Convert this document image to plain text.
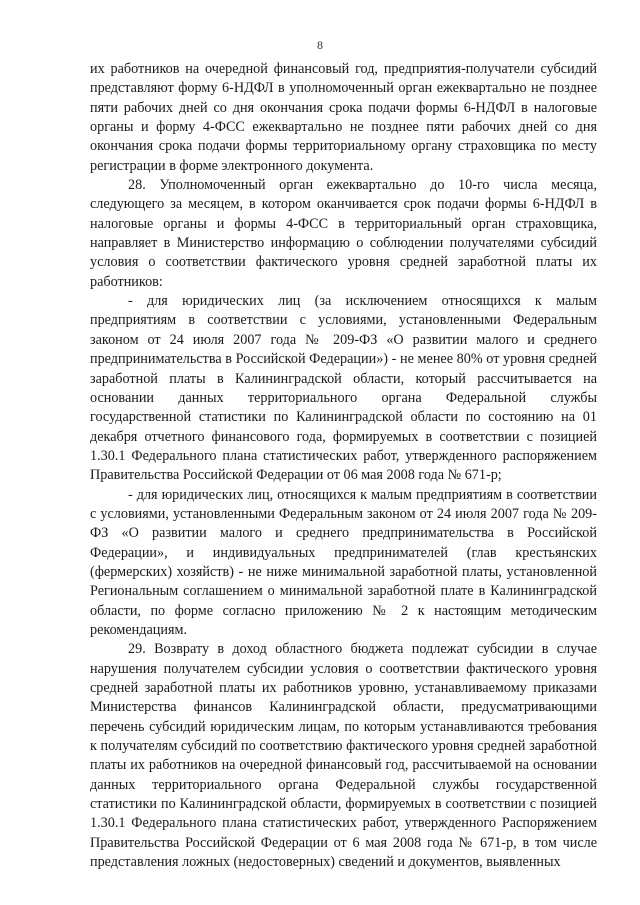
8

их работников на очередной финансовый год, предприятия-получатели субсидий представляют форму 6-НДФЛ в уполномоченный орган ежеквартально не позднее пяти рабочих дней со дня окончания срока подачи формы 6-НДФЛ в налоговые органы и форму 4-ФСС ежеквартально не позднее пяти рабочих дней со дня окончания срока подачи формы территориальному органу страховщика по месту регистрации в форме электронного документа.

28. Уполномоченный орган ежеквартально до 10-го числа месяца, следующего за месяцем, в котором оканчивается срок подачи формы 6-НДФЛ в налоговые органы и формы 4-ФСС в территориальный орган страховщика, направляет в Министерство информацию о соблюдении получателями субсидий условия о соответствии фактического уровня средней заработной платы их работников:

- для юридических лиц (за исключением относящихся к малым предприятиям в соответствии с условиями, установленными Федеральным законом от 24 июля 2007 года № 209-ФЗ «О развитии малого и среднего предпринимательства в Российской Федерации») - не менее 80% от уровня средней заработной платы в Калининградской области, который рассчитывается на основании данных территориального органа Федеральной службы государственной статистики по Калининградской области по состоянию на 01 декабря отчетного финансового года, формируемых в соответствии с позицией 1.30.1 Федерального плана статистических работ, утвержденного распоряжением Правительства Российской Федерации от 06 мая 2008 года № 671-р;

- для юридических лиц, относящихся к малым предприятиям в соответствии с условиями, установленными Федеральным законом от 24 июля 2007 года № 209-ФЗ «О развитии малого и среднего предпринимательства в Российской Федерации», и индивидуальных предпринимателей (глав крестьянских (фермерских) хозяйств) - не ниже минимальной заработной платы, установленной Региональным соглашением о минимальной заработной плате в Калининградской области, по форме согласно приложению № 2 к настоящим методическим рекомендациям.

29. Возврату в доход областного бюджета подлежат субсидии в случае нарушения получателем субсидии условия о соответствии фактического уровня средней заработной платы их работников уровню, устанавливаемому приказами Министерства финансов Калининградской области, предусматривающими перечень субсидий юридическим лицам, по которым устанавливаются требования к получателям субсидий по соответствию фактического уровня средней заработной платы их работников на очередной финансовый год, рассчитываемой на основании данных территориального органа Федеральной службы государственной статистики по Калининградской области, формируемых в соответствии с позицией 1.30.1 Федерального плана статистических работ, утвержденного Распоряжением Правительства Российской Федерации от 6 мая 2008 года № 671-р, в том числе представления ложных (недостоверных) сведений и документов, выявленных
